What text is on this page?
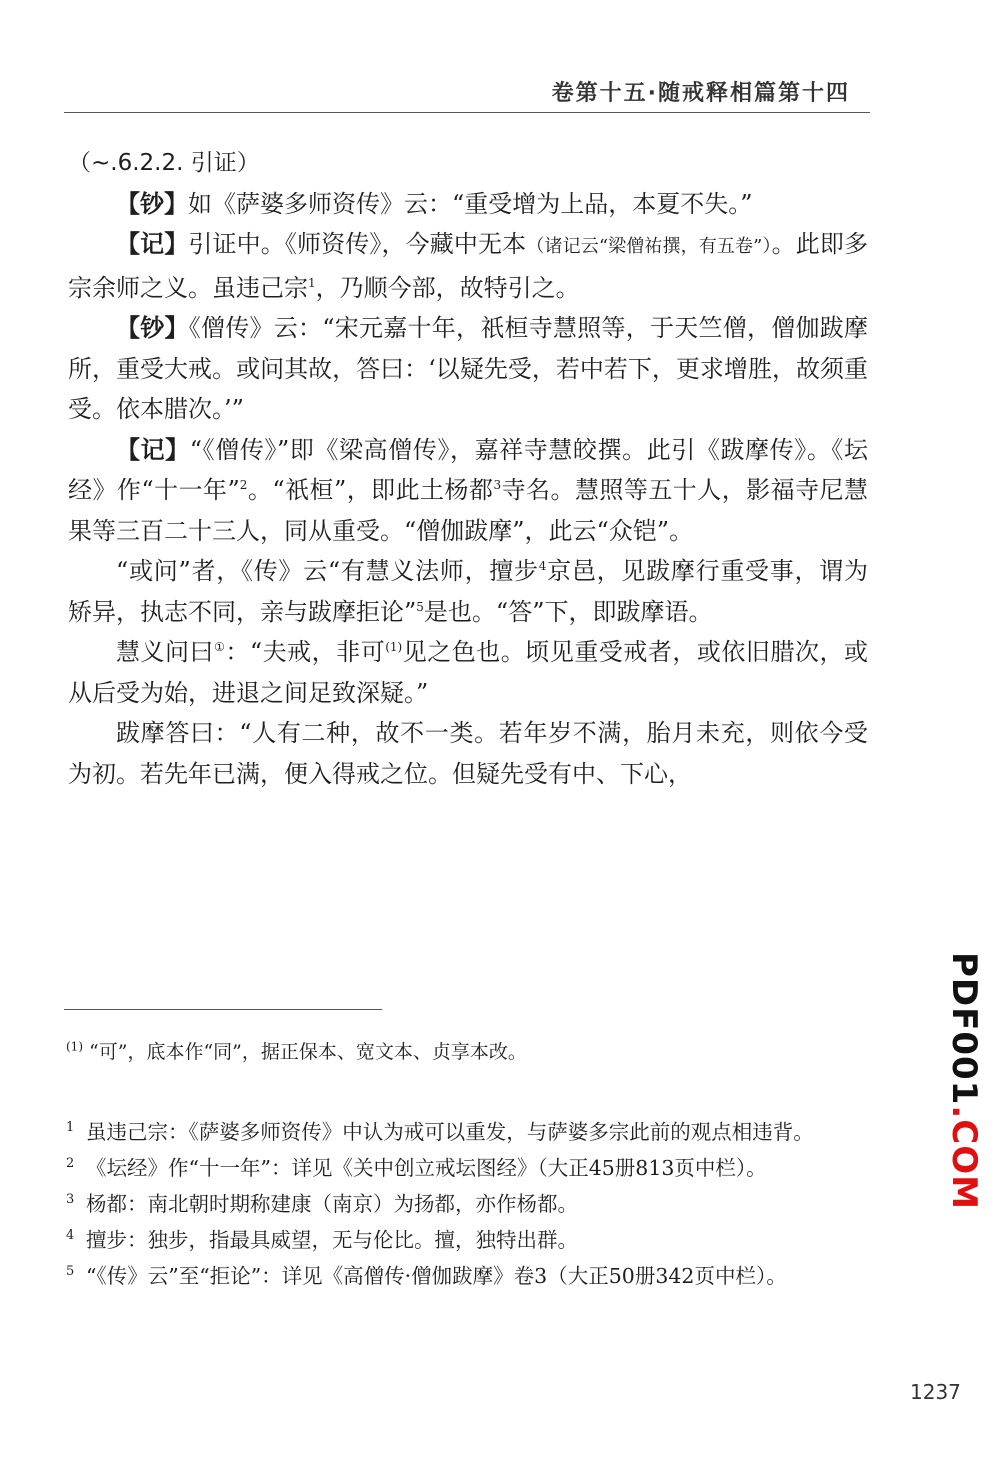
卷第十五·随戒释相篇第十四

（~.6.2.2. 引证）

【钞】如《萨婆多师资传》云：“重受增为上品，本夏不失。”

【记】引证中。《师资传》，今藏中无本（诸记云“梁僧祐撰，有五卷”）。此即多宗余师之义。虽违己宗$^1$，乃顺今部，故特引之。

【钞】《僧传》云：“宋元嘉十年，祇桓寺慧照等，于天竺僧，僧伽跋摩所，重受大戒。或问其故，答曰：‘以疑先受，若中若下，更求增胜，故须重受。依本腊次。’”

【记】“《僧传》”即《梁高僧传》，嘉祥寺慧皎撰。此引《跋摩传》。《坛经》作“十一年”$^2$。“祇桓”，即此土杨都$^3$寺名。慧照等五十人，影福寺尼慧果等三百二十三人，同从重受。“僧伽跋摩”，此云“众铠”。

“或问”者，《传》云“有慧义法师，擅步$^4$京邑，见跋摩行重受事，谓为矫异，执志不同，亲与跋摩拒论”$^5$是也。“答”下，即跋摩语。

慧义问曰①：“夫戒，非可$^{(1)}$见之色也。顷见重受戒者，或依旧腊次，或从后受为始，进退之间足致深疑。”

跋摩答曰：“人有二种，故不一类。若年岁不满，胎月未充，则依今受为初。若先年已满，便入得戒之位。但疑先受有中、下心，

$^{(1)}$ “可”，底本作“同”，据正保本、宽文本、贞享本改。

1 虽违己宗：《萨婆多师资传》中认为戒可以重发，与萨婆多宗此前的观点相违背。

2 《坛经》作“十一年”：详见《关中创立戒坛图经》（大正45册813页中栏）。

3 杨都：南北朝时期称建康（南京）为扬都，亦作杨都。

4 擅步：独步，指最具威望，无与伦比。擅，独特出群。

5 “《传》云”至“拒论”：详见《高僧传·僧伽跋摩》卷3（大正50册342页中栏）。

1237
PDF001.COM
